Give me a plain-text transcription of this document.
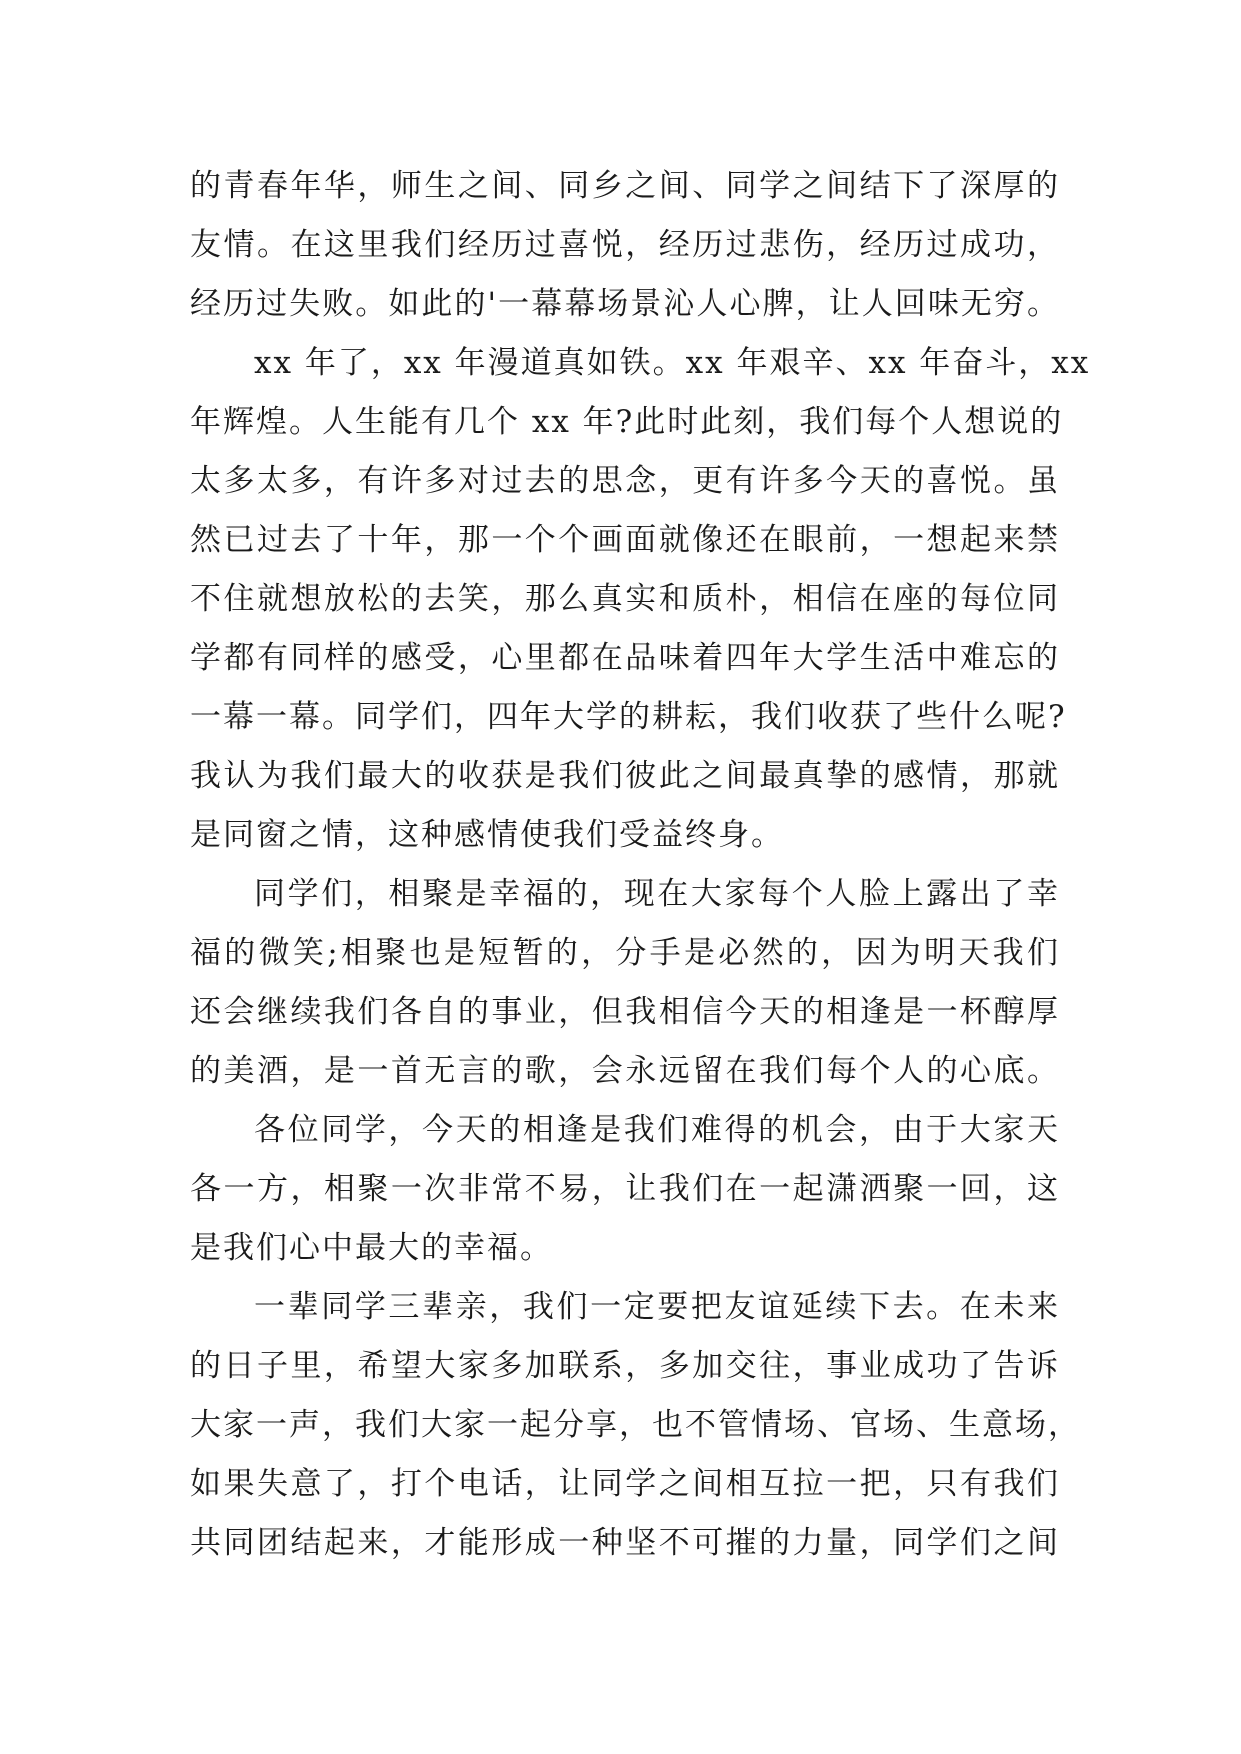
的青春年华，师生之间、同乡之间、同学之间结下了深厚的
友情。在这里我们经历过喜悦，经历过悲伤，经历过成功，
经历过失败。如此的'一幕幕场景沁人心脾，让人回味无穷。
xx 年了，xx 年漫道真如铁。xx 年艰辛、xx 年奋斗，xx
年辉煌。人生能有几个 xx 年?此时此刻，我们每个人想说的
太多太多，有许多对过去的思念，更有许多今天的喜悦。虽
然已过去了十年，那一个个画面就像还在眼前，一想起来禁
不住就想放松的去笑，那么真实和质朴，相信在座的每位同
学都有同样的感受，心里都在品味着四年大学生活中难忘的
一幕一幕。同学们，四年大学的耕耘，我们收获了些什么呢?
我认为我们最大的收获是我们彼此之间最真挚的感情，那就
是同窗之情，这种感情使我们受益终身。
同学们，相聚是幸福的，现在大家每个人脸上露出了幸
福的微笑;相聚也是短暂的，分手是必然的，因为明天我们
还会继续我们各自的事业，但我相信今天的相逢是一杯醇厚
的美酒，是一首无言的歌，会永远留在我们每个人的心底。
各位同学，今天的相逢是我们难得的机会，由于大家天
各一方，相聚一次非常不易，让我们在一起潇洒聚一回，这
是我们心中最大的幸福。
一辈同学三辈亲，我们一定要把友谊延续下去。在未来
的日子里，希望大家多加联系，多加交往，事业成功了告诉
大家一声，我们大家一起分享，也不管情场、官场、生意场，
如果失意了，打个电话，让同学之间相互拉一把，只有我们
共同团结起来，才能形成一种坚不可摧的力量，同学们之间
